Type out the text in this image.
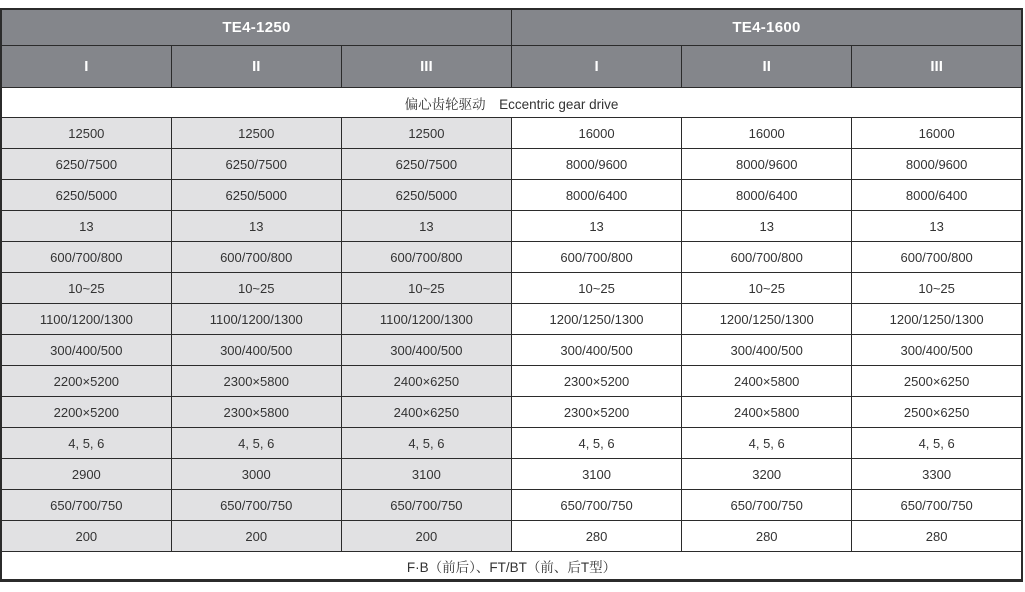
TE4-1250			TE4-1600		
I	II	III	I	II	III
偏心齿轮驱动　Eccentric gear drive					
12500	12500	12500	16000	16000	16000
6250/7500	6250/7500	6250/7500	8000/9600	8000/9600	8000/9600
6250/5000	6250/5000	6250/5000	8000/6400	8000/6400	8000/6400
13	13	13	13	13	13
600/700/800	600/700/800	600/700/800	600/700/800	600/700/800	600/700/800
10~25	10~25	10~25	10~25	10~25	10~25
1100/1200/1300	1100/1200/1300	1100/1200/1300	1200/1250/1300	1200/1250/1300	1200/1250/1300
300/400/500	300/400/500	300/400/500	300/400/500	300/400/500	300/400/500
2200×5200	2300×5800	2400×6250	2300×5200	2400×5800	2500×6250
2200×5200	2300×5800	2400×6250	2300×5200	2400×5800	2500×6250
4, 5, 6	4, 5, 6	4, 5, 6	4, 5, 6	4, 5, 6	4, 5, 6
2900	3000	3100	3100	3200	3300
650/700/750	650/700/750	650/700/750	650/700/750	650/700/750	650/700/750
200	200	200	280	280	280
F·B（前后）、FT/BT（前、后T型）					
